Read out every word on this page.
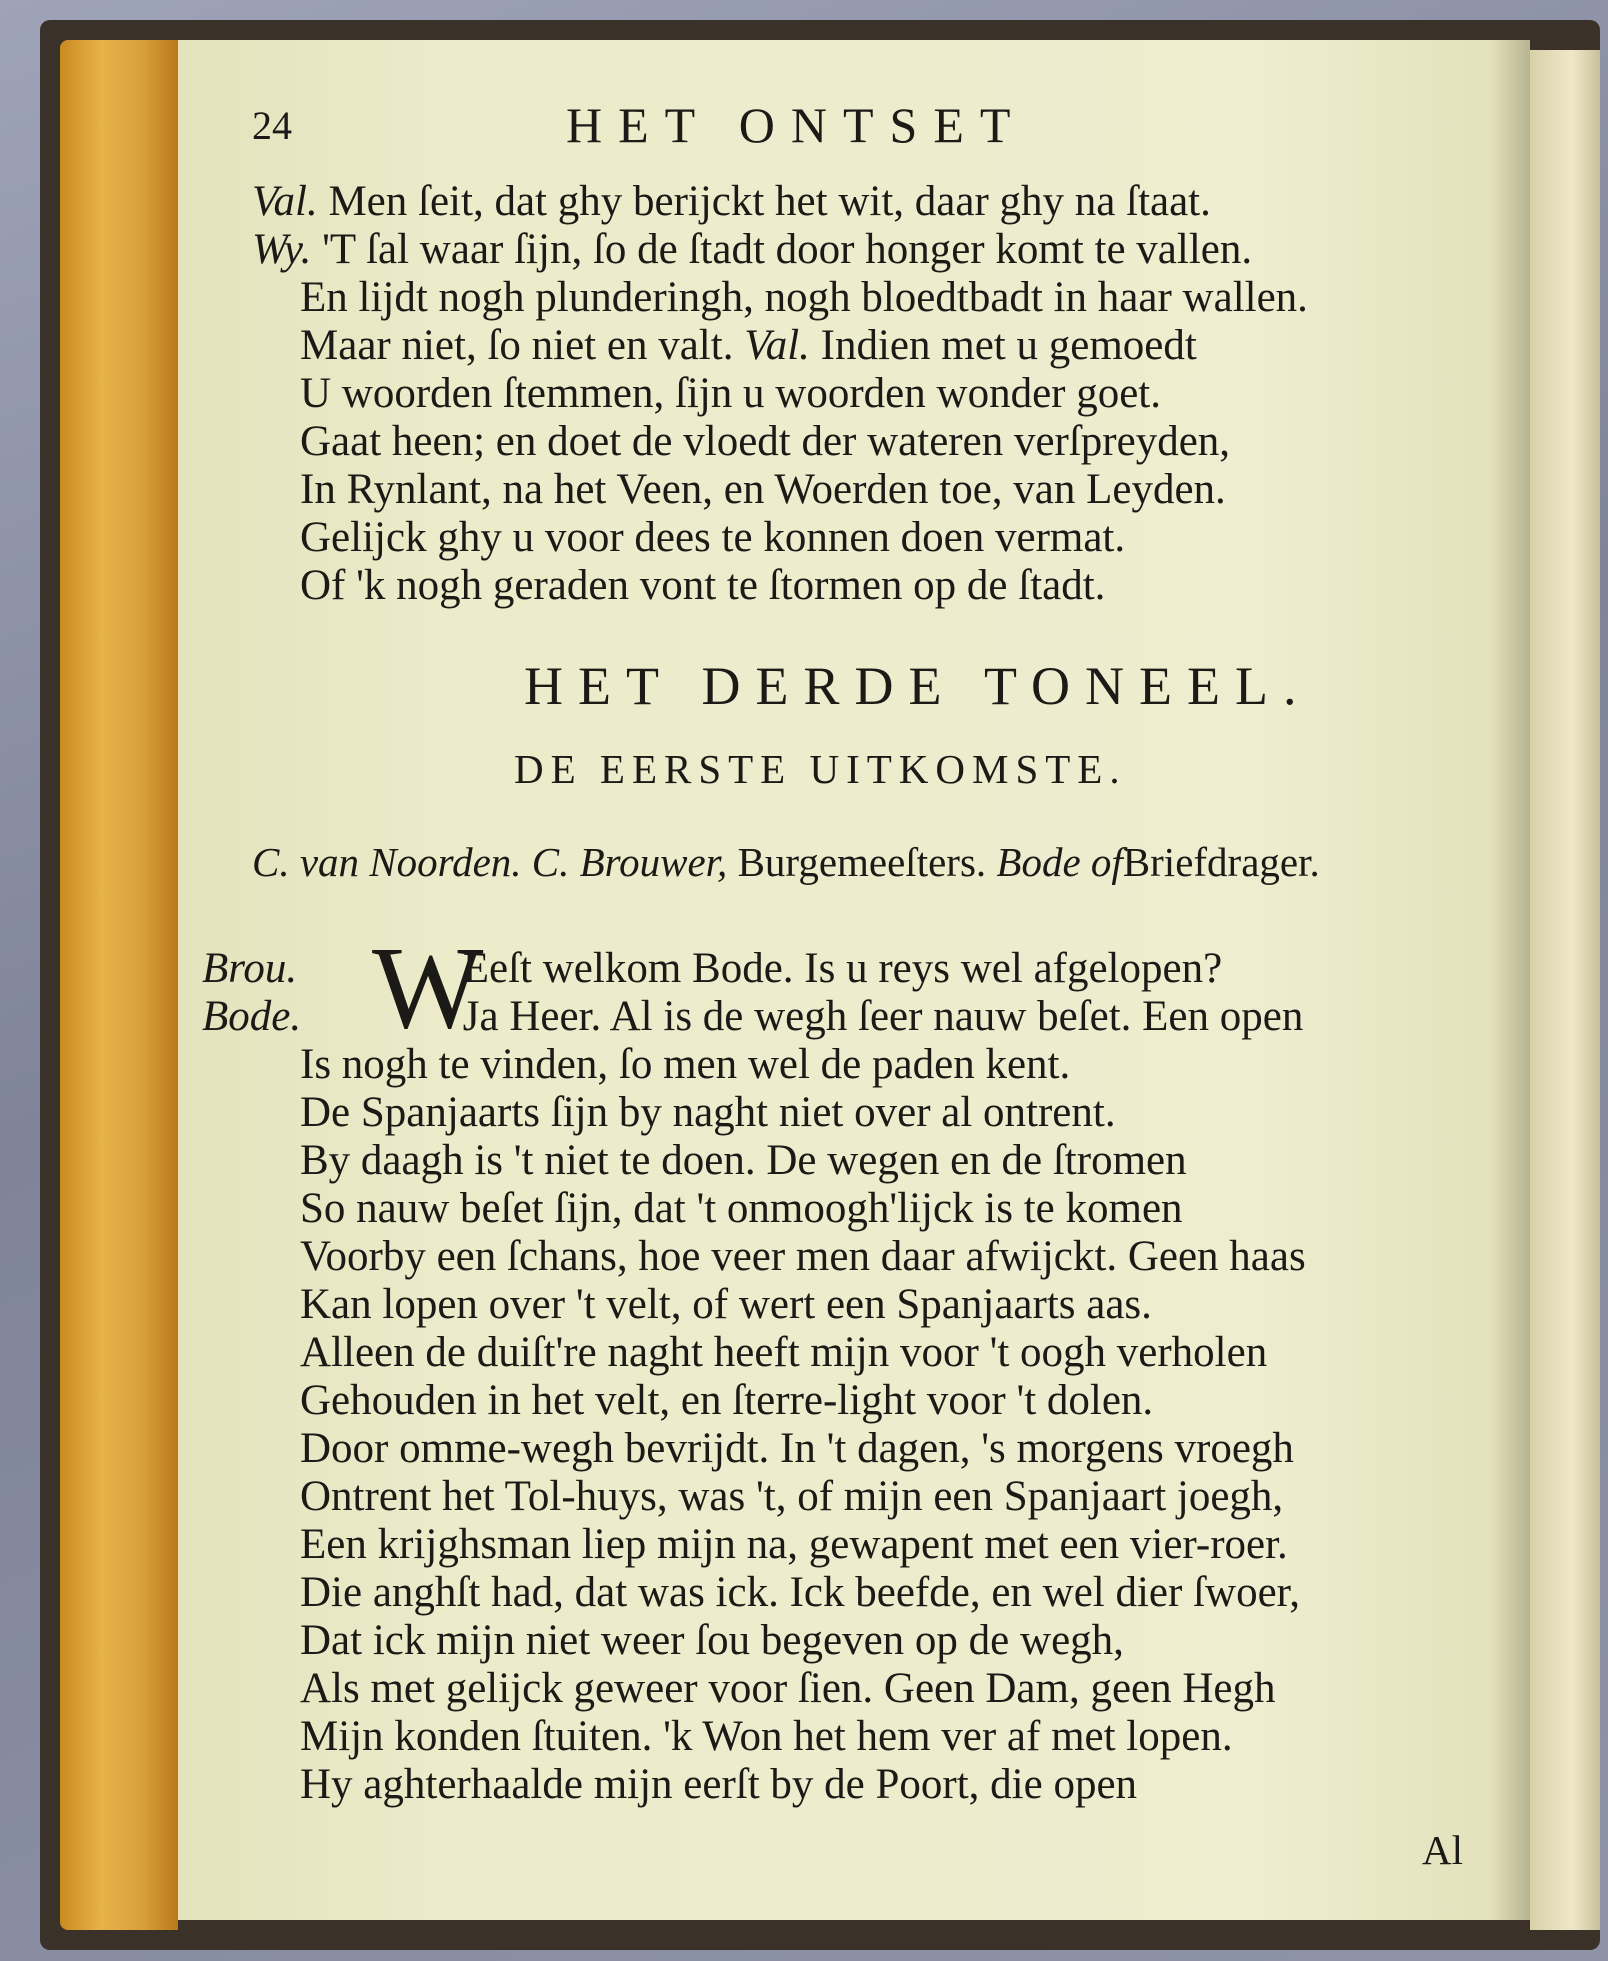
24	HET ONTSET
Val. Men ſeit, dat ghy berijckt het wit, daar ghy na ſtaat.
Wy. 'T ſal waar ſijn, ſo de ſtadt door honger komt te vallen.
En lijdt nogh plunderingh, nogh bloedtbadt in haar wallen.
Maar niet, ſo niet en valt. Val. Indien met u gemoedt
U woorden ſtemmen, ſijn u woorden wonder goet.
Gaat heen; en doet de vloedt der wateren verſpreyden,
In Rynlant, na het Veen, en Woerden toe, van Leyden.
Gelijck ghy u voor dees te konnen doen vermat.
Of 'k nogh geraden vont te ſtormen op de ſtadt.
HET DERDE TONEEL.
DE EERSTE UITKOMSTE.
C. van Noorden. C. Brouwer, Burgemeeſters. Bode ofBriefdrager.
W
Brou.	Eeſt welkom Bode. Is u reys wel afgelopen?
Bode.	Ja Heer. Al is de wegh ſeer nauw beſet. Een open
Is nogh te vinden, ſo men wel de paden kent.
De Spanjaarts ſijn by naght niet over al ontrent.
By daagh is 't niet te doen. De wegen en de ſtromen
So nauw beſet ſijn, dat 't onmoogh'lijck is te komen
Voorby een ſchans, hoe veer men daar afwijckt. Geen haas
Kan lopen over 't velt, of wert een Spanjaarts aas.
Alleen de duiſt're naght heeft mijn voor 't oogh verholen
Gehouden in het velt, en ſterre-light voor 't dolen.
Door omme-wegh bevrijdt. In 't dagen, 's morgens vroegh
Ontrent het Tol-huys, was 't, of mijn een Spanjaart joegh,
Een krijghsman liep mijn na, gewapent met een vier-roer.
Die anghſt had, dat was ick. Ick beefde, en wel dier ſwoer,
Dat ick mijn niet weer ſou begeven op de wegh,
Als met gelijck geweer voor ſien. Geen Dam, geen Hegh
Mijn konden ſtuiten. 'k Won het hem ver af met lopen.
Hy aghterhaalde mijn eerſt by de Poort, die open
Al
